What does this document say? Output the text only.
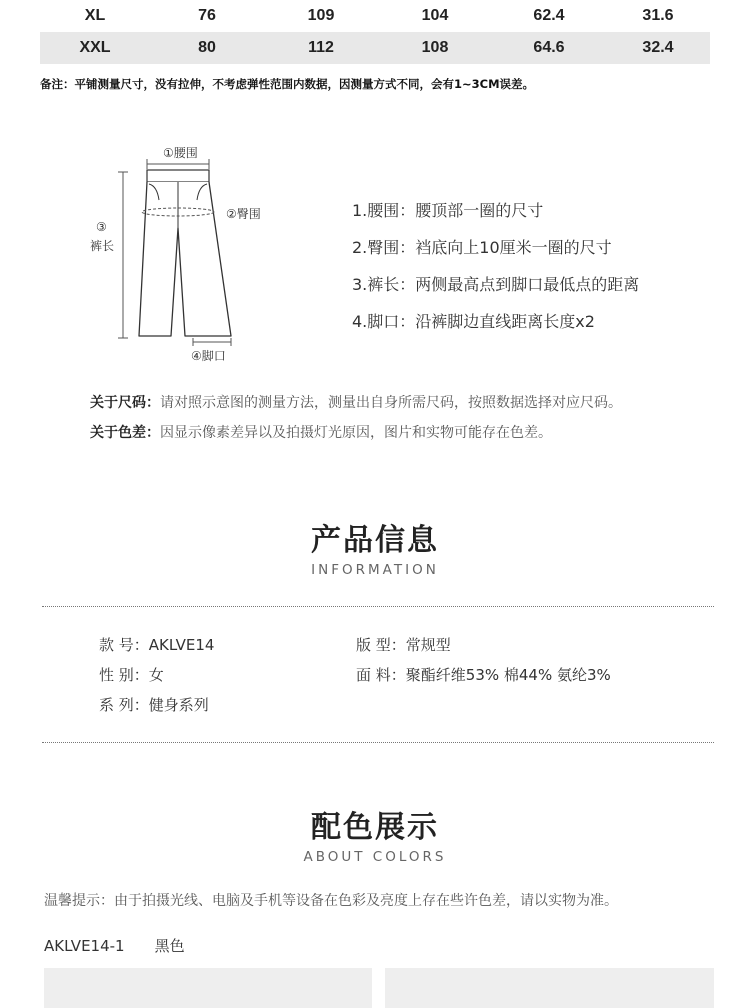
XL	76	109	104	62.4	31.6
XXL	80	112	108	64.6	32.4
备注：平铺测量尺寸，没有拉伸，不考虑弹性范围内数据，因测量方式不同，会有1~3CM误差。
①腰围
②臀围
③
裤长
④脚口
1.腰围：腰顶部一圈的尺寸
2.臀围：裆底向上10厘米一圈的尺寸
3.裤长：两侧最高点到脚口最低点的距离
4.脚口：沿裤脚边直线距离长度x2
关于尺码：请对照示意图的测量方法，测量出自身所需尺码，按照数据选择对应尺码。
关于色差：因显示像素差异以及拍摄灯光原因，图片和实物可能存在色差。
产品信息
INFORMATION
款 号：AKLVE14
性 别：女
系 列：健身系列
版 型：常规型
面 料：聚酯纤维53% 棉44% 氨纶3%
配色展示
ABOUT COLORS
温馨提示：由于拍摄光线、电脑及手机等设备在色彩及亮度上存在些许色差，请以实物为准。
AKLVE14-1 黑色
